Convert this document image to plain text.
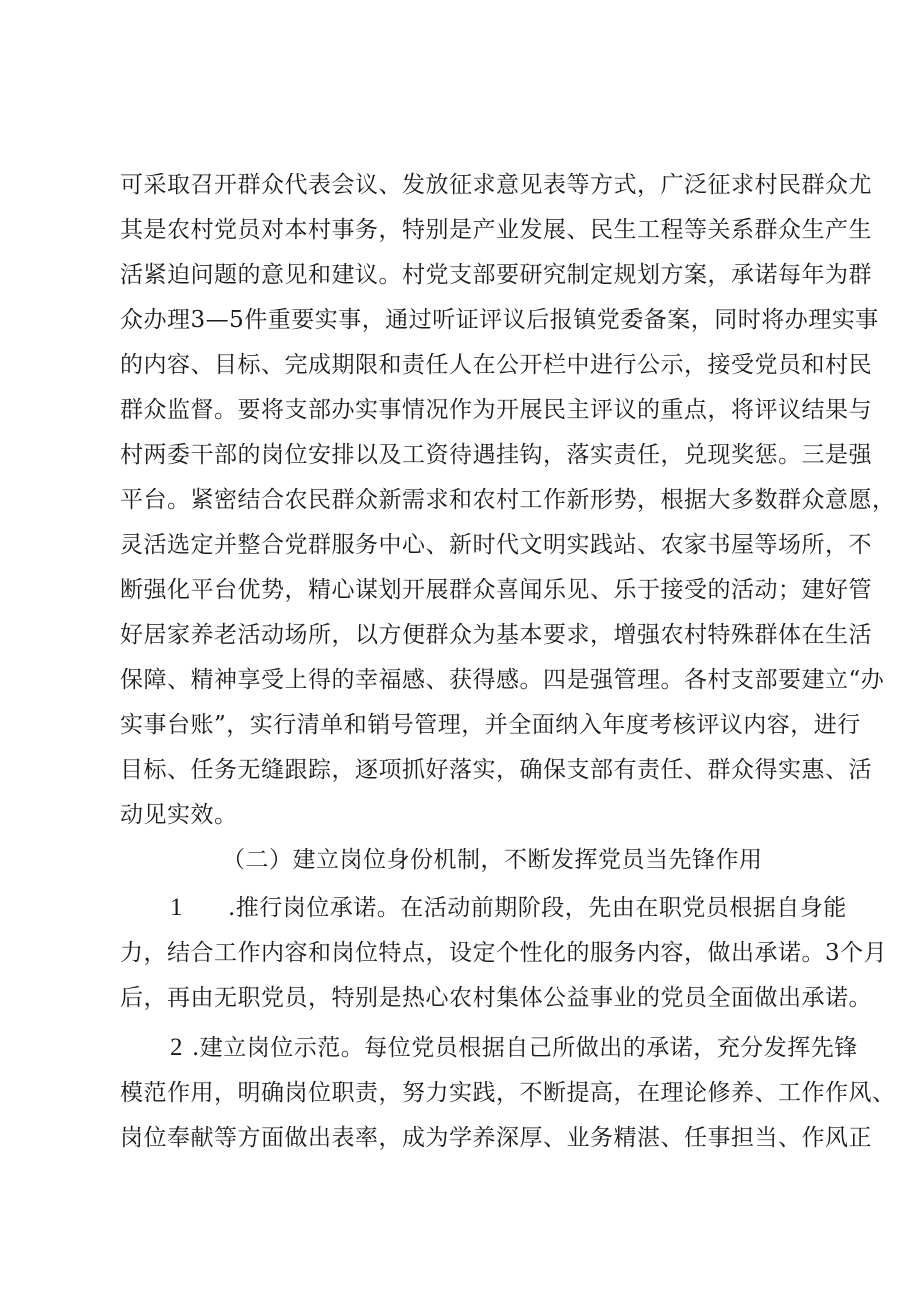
可采取召开群众代表会议、发放征求意见表等方式，广泛征求村民群众尤
其是农村党员对本村事务，特别是产业发展、民生工程等关系群众生产生
活紧迫问题的意见和建议。村党支部要研究制定规划方案，承诺每年为群
众办理3—5件重要实事，通过听证评议后报镇党委备案，同时将办理实事
的内容、目标、完成期限和责任人在公开栏中进行公示，接受党员和村民
群众监督。要将支部办实事情况作为开展民主评议的重点，将评议结果与
村两委干部的岗位安排以及工资待遇挂钩，落实责任，兑现奖惩。三是强
平台。紧密结合农民群众新需求和农村工作新形势，根据大多数群众意愿，
灵活选定并整合党群服务中心、新时代文明实践站、农家书屋等场所，不
断强化平台优势，精心谋划开展群众喜闻乐见、乐于接受的活动；建好管
好居家养老活动场所，以方便群众为基本要求，增强农村特殊群体在生活
保障、精神享受上得的幸福感、获得感。四是强管理。各村支部要建立“办
实事台账”，实行清单和销号管理，并全面纳入年度考核评议内容，进行
目标、任务无缝跟踪，逐项抓好落实，确保支部有责任、群众得实惠、活
动见实效。
（二）建立岗位身份机制，不断发挥党员当先锋作用
1 .推行岗位承诺。在活动前期阶段，先由在职党员根据自身能
力，结合工作内容和岗位特点，设定个性化的服务内容，做出承诺。3个月
后，再由无职党员，特别是热心农村集体公益事业的党员全面做出承诺。
2 .建立岗位示范。每位党员根据自己所做出的承诺，充分发挥先锋
模范作用，明确岗位职责，努力实践，不断提高，在理论修养、工作作风、
岗位奉献等方面做出表率，成为学养深厚、业务精湛、任事担当、作风正
